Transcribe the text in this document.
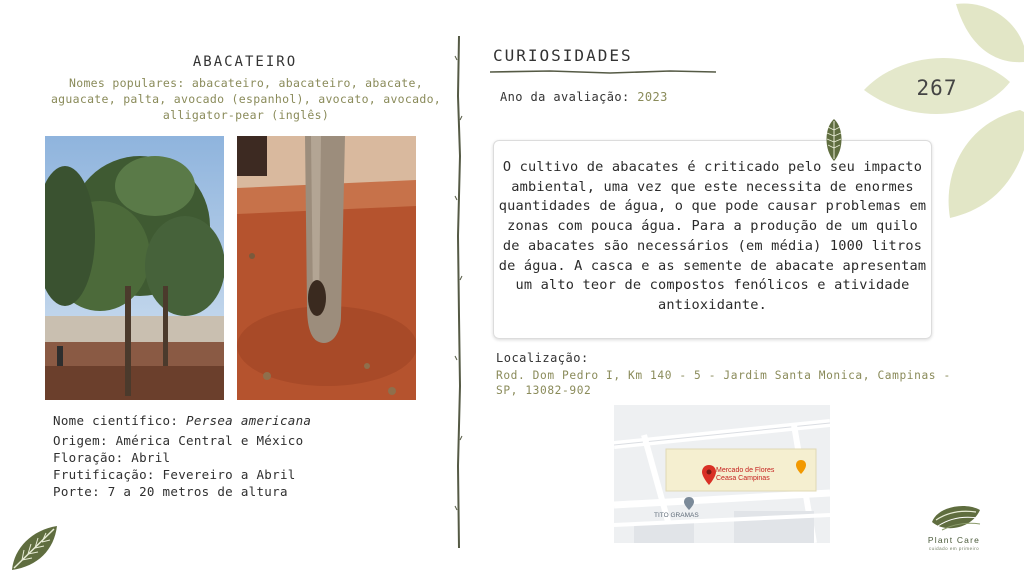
267
ABACATEIRO
Nomes populares: abacateiro, abacateiro, abacate, aguacate, palta, avocado (espanhol), avocato, avocado, alligator-pear (inglês)
Nome científico: Persea americana
Origem: América Central e México
Floração: Abril
Frutificação: Fevereiro a Abril
Porte: 7 a 20 metros de altura
CURIOSIDADES
Ano da avaliação: 2023
O cultivo de abacates é criticado pelo seu impacto ambiental, uma vez que este necessita de enormes quantidades de água, o que pode causar problemas em zonas com pouca água. Para a produção de um quilo de abacates são necessários (em média) 1000 litros de água. A casca e as semente de abacate apresentam um alto teor de compostos fenólicos e atividade antioxidante.
Localização:
Rod. Dom Pedro I, Km 140 - 5 - Jardim Santa Monica, Campinas - SP, 13082-902
Mercado de Flores
Ceasa Campinas
TITO GRAMAS
Plant Care
cuidado em primeiro
